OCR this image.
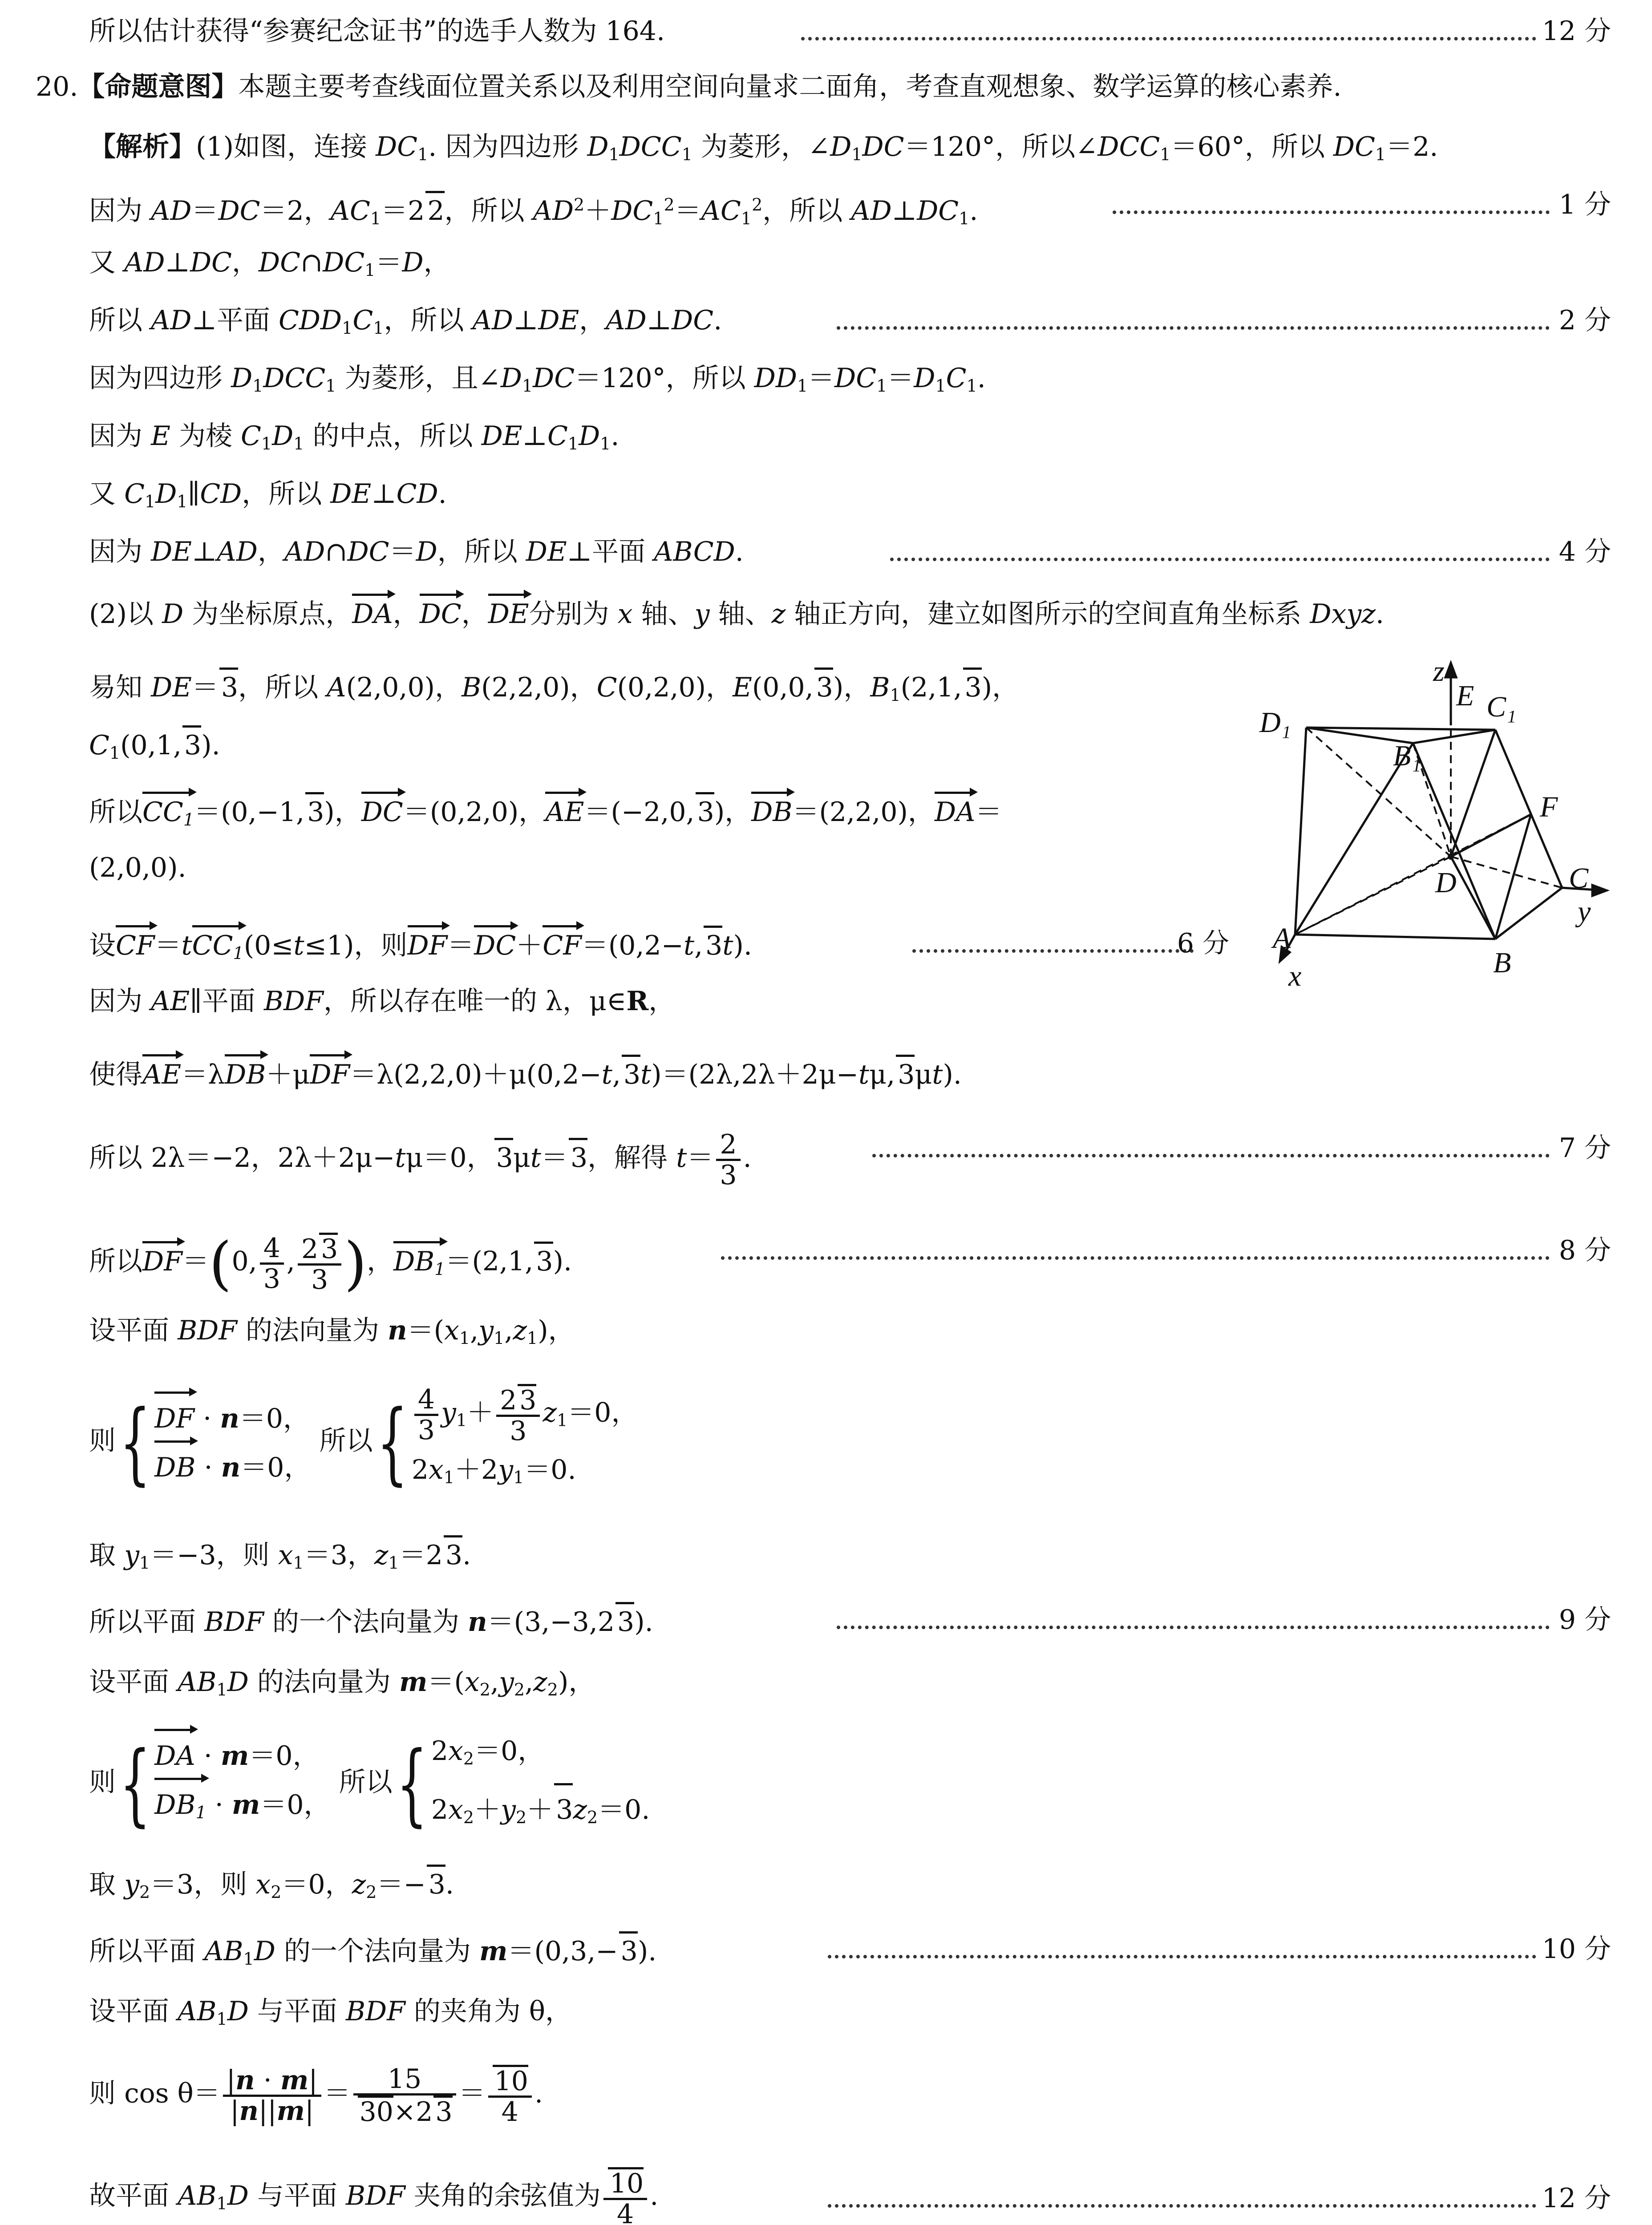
所以估计获得“参赛纪念证书”的选手人数为 164.	12 分
20.【命题意图】本题主要考查线面位置关系以及利用空间向量求二面角，考查直观想象、数学运算的核心素养.
【解析】(1)如图，连接 $DC_1$. 因为四边形 $D_1DCC_1$ 为菱形，$\angle D_1DC=120^\circ$，所以$\angle DCC_1=60^\circ$，所以 $DC_1=2$.
因为 AD＝DC＝2，$AC_1=2$ 2，所以 $AD^2+DC_1^2=AC_1^2$，所以 $AD\perp DC_1$.	1 分
又 AD⊥DC，$DC\cap DC_1=D$，
所以 AD⊥平面 $CDD_1C_1$，所以 AD⊥DE，AD⊥DC.	2 分
因为四边形 $D_1DCC_1$ 为菱形，且$\angle D_1DC=120^\circ$，所以 $DD_1=DC_1=D_1C_1$.
因为 E 为棱 $C_1D_1$ 的中点，所以 $DE\perp C_1D_1$.
又 $C_1D_1\parallel CD$，所以 DE⊥CD.
因为 DE⊥AD，AD∩DC＝D，所以 DE⊥平面 ABCD.	4 分
(2)以 D 为坐标原点，DA，DC，DE分别为 x 轴、y 轴、z 轴正方向，建立如图所示的空间直角坐标系 Dxyz.
易知 DE＝ 3，所以 A(2,0,0)，B(2,2,0)，C(0,2,0)，E(0,0, 3)，$B_1(2,1$, 3)，
$C_1(0,1$, 3).
所以$CC_1=(0,-1$, 3)，DC＝(0,2,0)，AE＝(−2,0, 3)，DB＝(2,2,0)，DA＝
(2,0,0).
设CF＝tCC$_1$(0≤t≤1)，则DF＝DC＋CF＝(0,2−t, 3t).	6 分
因为 AE∥平面 BDF，所以存在唯一的 λ，μ∈R，
使得AE＝λDB＋μDF＝λ(2,2,0)＋μ(0,2−t, 3t)＝(2λ,2λ＋2μ−tμ, 3μt).
所以 2λ＝−2，2λ＋2μ−tμ＝0， 3μt＝ 3，解得 $t= \frac{2}{3}$ .	7 分
所以DF＝(0, $\frac{4}{3}$ , $\frac{2 3}{3}$ )，$DB_1=(2,1$, 3).	8 分
设平面 BDF 的法向量为 $n=(x_1,y_1,z_1)$，
则{ DF · n＝0，
DB · n＝0，
所以{ $\frac{4}{3} y_1+ \frac{2 3}{3} z_1=0$，
$2x_1+2y_1=0$.
取 $y_1=-3$，则 $x_1=3$，$z_1=2$ 3.
所以平面 BDF 的一个法向量为 n＝(3,−3,2 3).	9 分
设平面 $AB_1D$ 的法向量为 $m=(x_2,y_2,z_2)$，
则{ DA · m＝0，
$DB_1 \cdot m=0$，
所以{ $2x_2=0$，
$2x_2+y_2+ 3z_2=0$.
取 $y_2=3$，则 $x_2=0$，$z_2=- 3$.
所以平面 $AB_1D$ 的一个法向量为 m＝(0,3,− 3).	10 分
设平面 $AB_1D$ 与平面 BDF 的夹角为 θ，
则 $\cos \theta= \frac{|n \cdot m|}{|n||m|} = \frac{15}{30\times 2 3} = \frac{10}{4}$ .
故平面 $AB_1D$ 与平面 BDF 夹角的余弦值为 $\frac{10}{4}$ .	12 分
z
E
D₁
B₁
C₁
F
C
y
D
A
x	B
